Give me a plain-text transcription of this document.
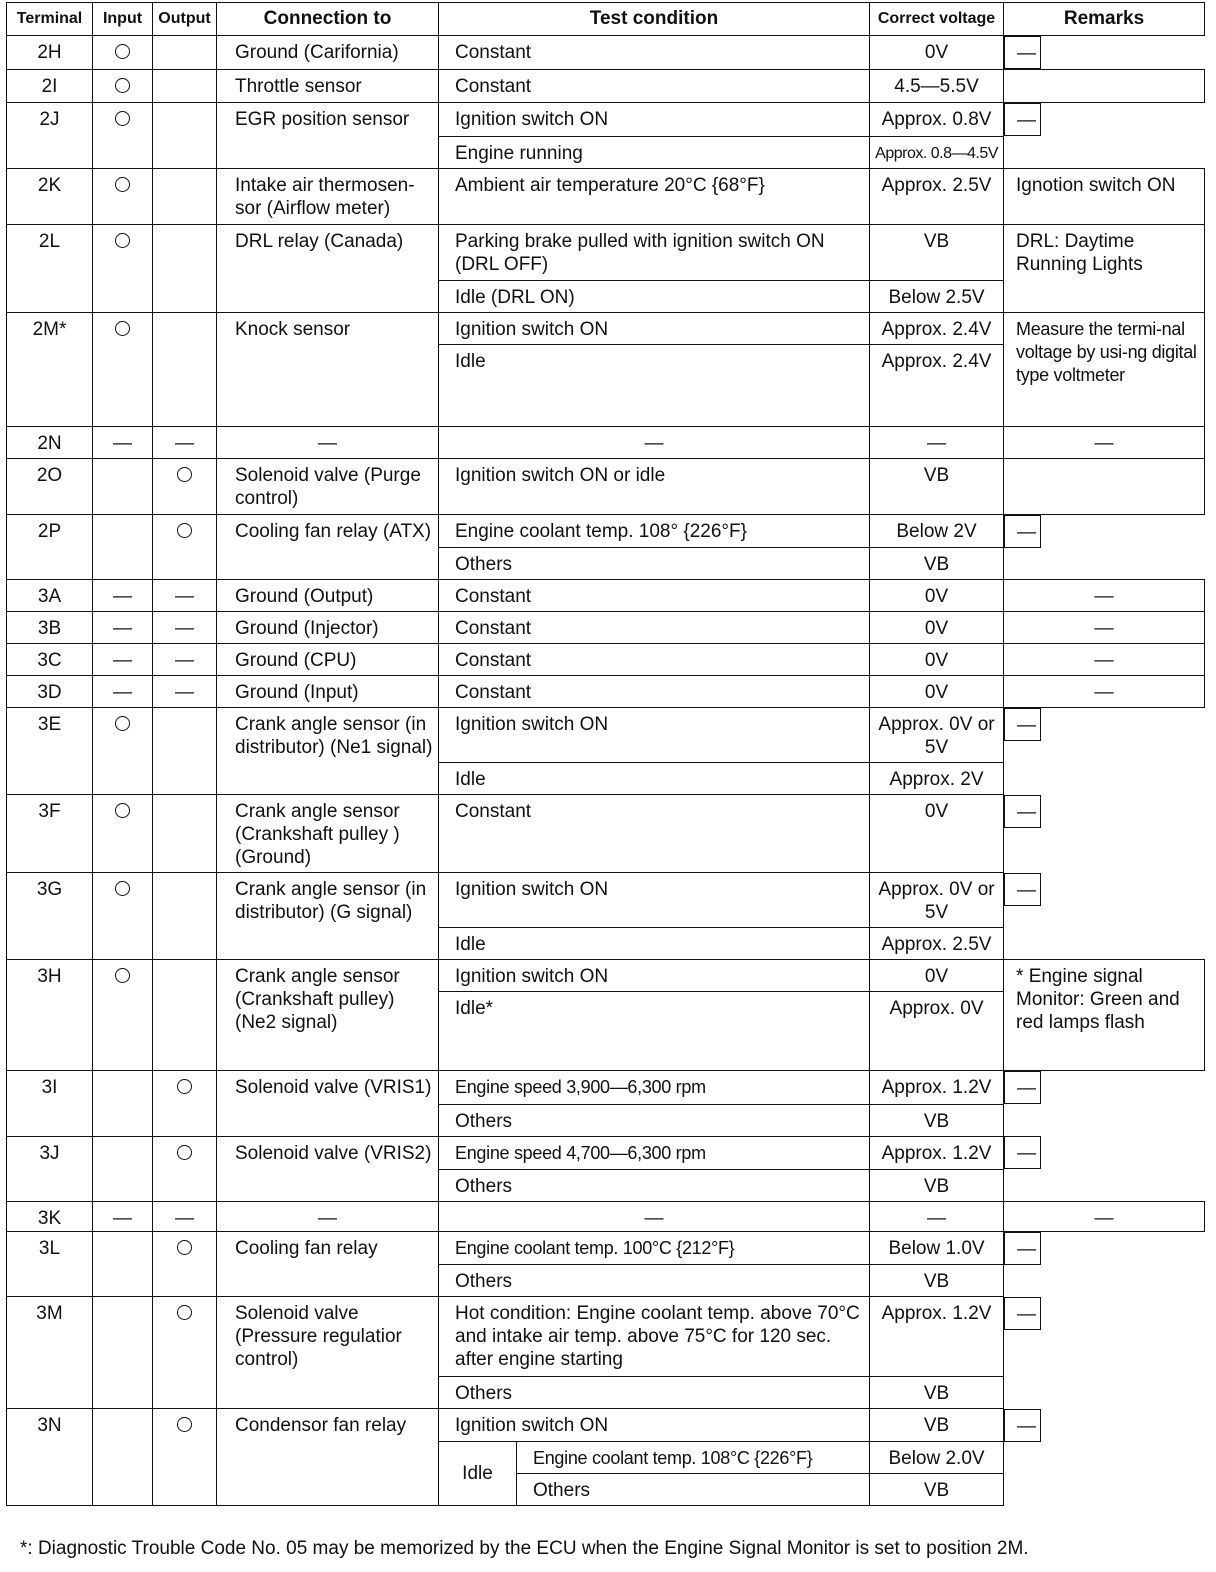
Terminal	Input	Output	Connection to	Test condition		Correct voltage	Remarks
2H			Ground (Carifornia)	Constant		0V		—
2I			Throttle sensor	Constant		4.5—5.5V	
2J			EGR position sensor	Ignition switch ON		Approx. 0.8V	—
				Engine running		Approx. 0.8—4.5V	
2K			Intake air thermosen-sor (Airflow meter)	Ambient air temperature 20°C {68°F}		Approx. 2.5V	Ignotion switch ON
2L			DRL relay (Canada)	Parking brake pulled with ignition switch ON (DRL OFF)		VB	DRL: Daytime Running Lights
				Idle (DRL ON)		Below 2.5V	
2M*			Knock sensor	Ignition switch ON		Approx. 2.4V	Measure the termi-nal voltage by usi-ng digital type voltmeter
				Idle		Approx. 2.4V	
2N	—	—	—	—		—	—
2O			Solenoid valve (Purge control)	Ignition switch ON or idle		VB	
2P			Cooling fan relay (ATX)	Engine coolant temp. 108° {226°F}		Below 2V	—
				Others		VB	
3A	—	—	Ground (Output)	Constant		0V	—
3B	—	—	Ground (Injector)	Constant		0V	—
3C	—	—	Ground (CPU)	Constant		0V	—
3D	—	—	Ground (Input)	Constant		0V	—
3E			Crank angle sensor (in distributor) (Ne1 signal)	Ignition switch ON		Approx. 0V or 5V	—
				Idle		Approx. 2V	
3F			Crank angle sensor (Crankshaft pulley ) (Ground)	Constant		0V		—
3G			Crank angle sensor (in distributor) (G signal)	Ignition switch ON		Approx. 0V or 5V	—
				Idle		Approx. 2.5V	
3H			Crank angle sensor (Crankshaft pulley) (Ne2 signal)	Ignition switch ON		0V	* Engine signal Monitor: Green and red lamps flash
				Idle*		Approx. 0V	
3I			Solenoid valve (VRIS1)	Engine speed 3,900—6,300 rpm		Approx. 1.2V	—
				Others		VB	
3J			Solenoid valve (VRIS2)	Engine speed 4,700—6,300 rpm		Approx. 1.2V	—
				Others		VB	
3K	—	—	—	—		—	—
3L			Cooling fan relay	Engine coolant temp. 100°C {212°F}		Below 1.0V	—
				Others		VB	
3M			Solenoid valve (Pressure regulatior control)	Hot condition: Engine coolant temp. above 70°C and intake air temp. above 75°C for 120 sec. after engine starting		Approx. 1.2V	—
				Others		VB	
3N			Condensor fan relay	Ignition switch ON		VB		—
				Idle	Engine coolant temp. 108°C {226°F}	Below 2.0V	
					Others	VB	
*: Diagnostic Trouble Code No. 05 may be memorized by the ECU when the Engine Signal Monitor is set to position 2M.
